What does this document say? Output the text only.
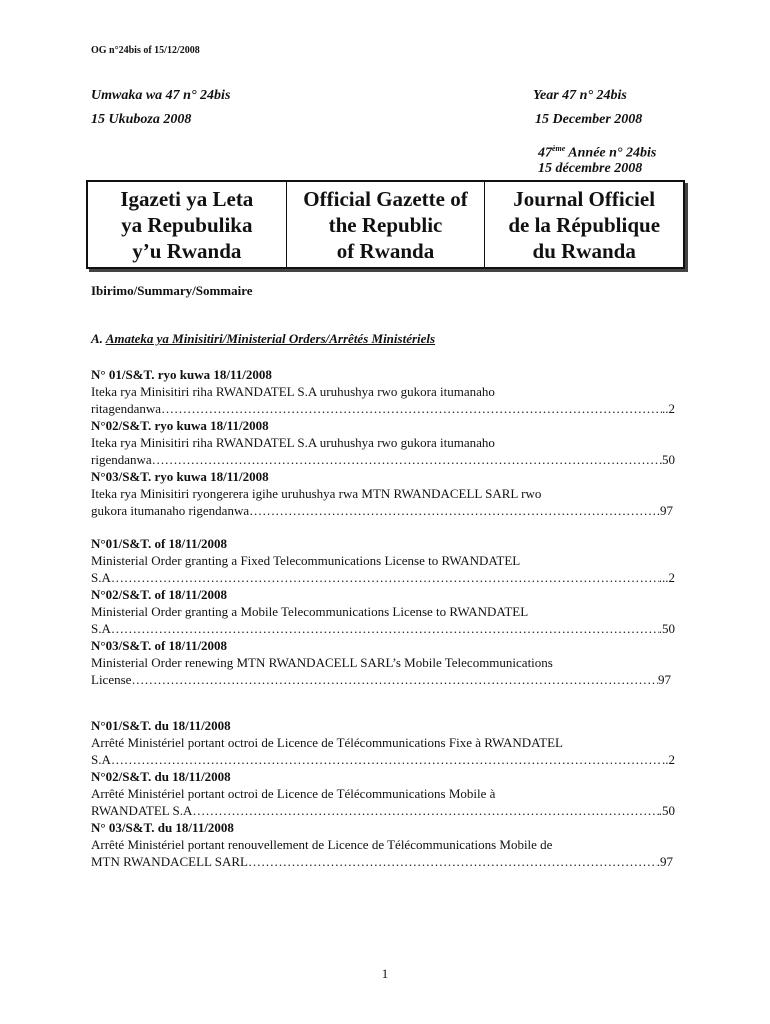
OG n°24bis of 15/12/2008
Umwaka wa 47 n° 24bis
15 Ukuboza 2008
Year 47 n° 24bis
15 December 2008
47ème Année n° 24bis
15 décembre 2008
Igazeti ya Leta
ya Repubulika
y’u Rwanda
Official Gazette of
the Republic
of Rwanda
Journal Officiel
de la République
du Rwanda
Ibirimo/Summary/Sommaire
A. Amateka ya Minisitiri/Ministerial Orders/Arrêtés Ministériels
N° 01/S&T. ryo kuwa 18/11/2008
Iteka rya Minisitiri riha RWANDATEL S.A uruhushya rwo gukora itumanaho
ritagendanwa ……………………………………………………………………………………………………………………………………………………………………	..2
N°02/S&T. ryo kuwa 18/11/2008
Iteka rya Minisitiri riha RWANDATEL S.A uruhushya rwo gukora itumanaho
rigendanwa ……………………………………………………………………………………………………………………………………………………………………	50
N°03/S&T. ryo kuwa 18/11/2008
Iteka rya Minisitiri ryongerera igihe uruhushya rwa MTN RWANDACELL SARL rwo
gukora itumanaho rigendanwa ……………………………………………………………………………………………………………………………………………………………………	.97
N°01/S&T. of 18/11/2008
Ministerial Order granting a Fixed Telecommunications License to RWANDATEL
S.A ……………………………………………………………………………………………………………………………………………………………………	...2
N°02/S&T. of 18/11/2008
Ministerial Order granting a Mobile Telecommunications License to RWANDATEL
S.A ……………………………………………………………………………………………………………………………………………………………………	.50
N°03/S&T. of 18/11/2008
Ministerial Order renewing MTN RWANDACELL SARL’s Mobile Telecommunications
License ……………………………………………………………………………………………………………………………………………………………………	97
N°01/S&T. du 18/11/2008
Arrêté Ministériel portant octroi de Licence de Télécommunications Fixe à RWANDATEL
S.A ……………………………………………………………………………………………………………………………………………………………………	..2
N°02/S&T. du 18/11/2008
Arrêté Ministériel portant octroi de Licence de Télécommunications Mobile à
RWANDATEL S.A ……………………………………………………………………………………………………………………………………………………………………	.50
N° 03/S&T. du 18/11/2008
Arrêté Ministériel portant renouvellement de Licence de Télécommunications Mobile de
MTN RWANDACELL SARL ……………………………………………………………………………………………………………………………………………………………………	.97
1
